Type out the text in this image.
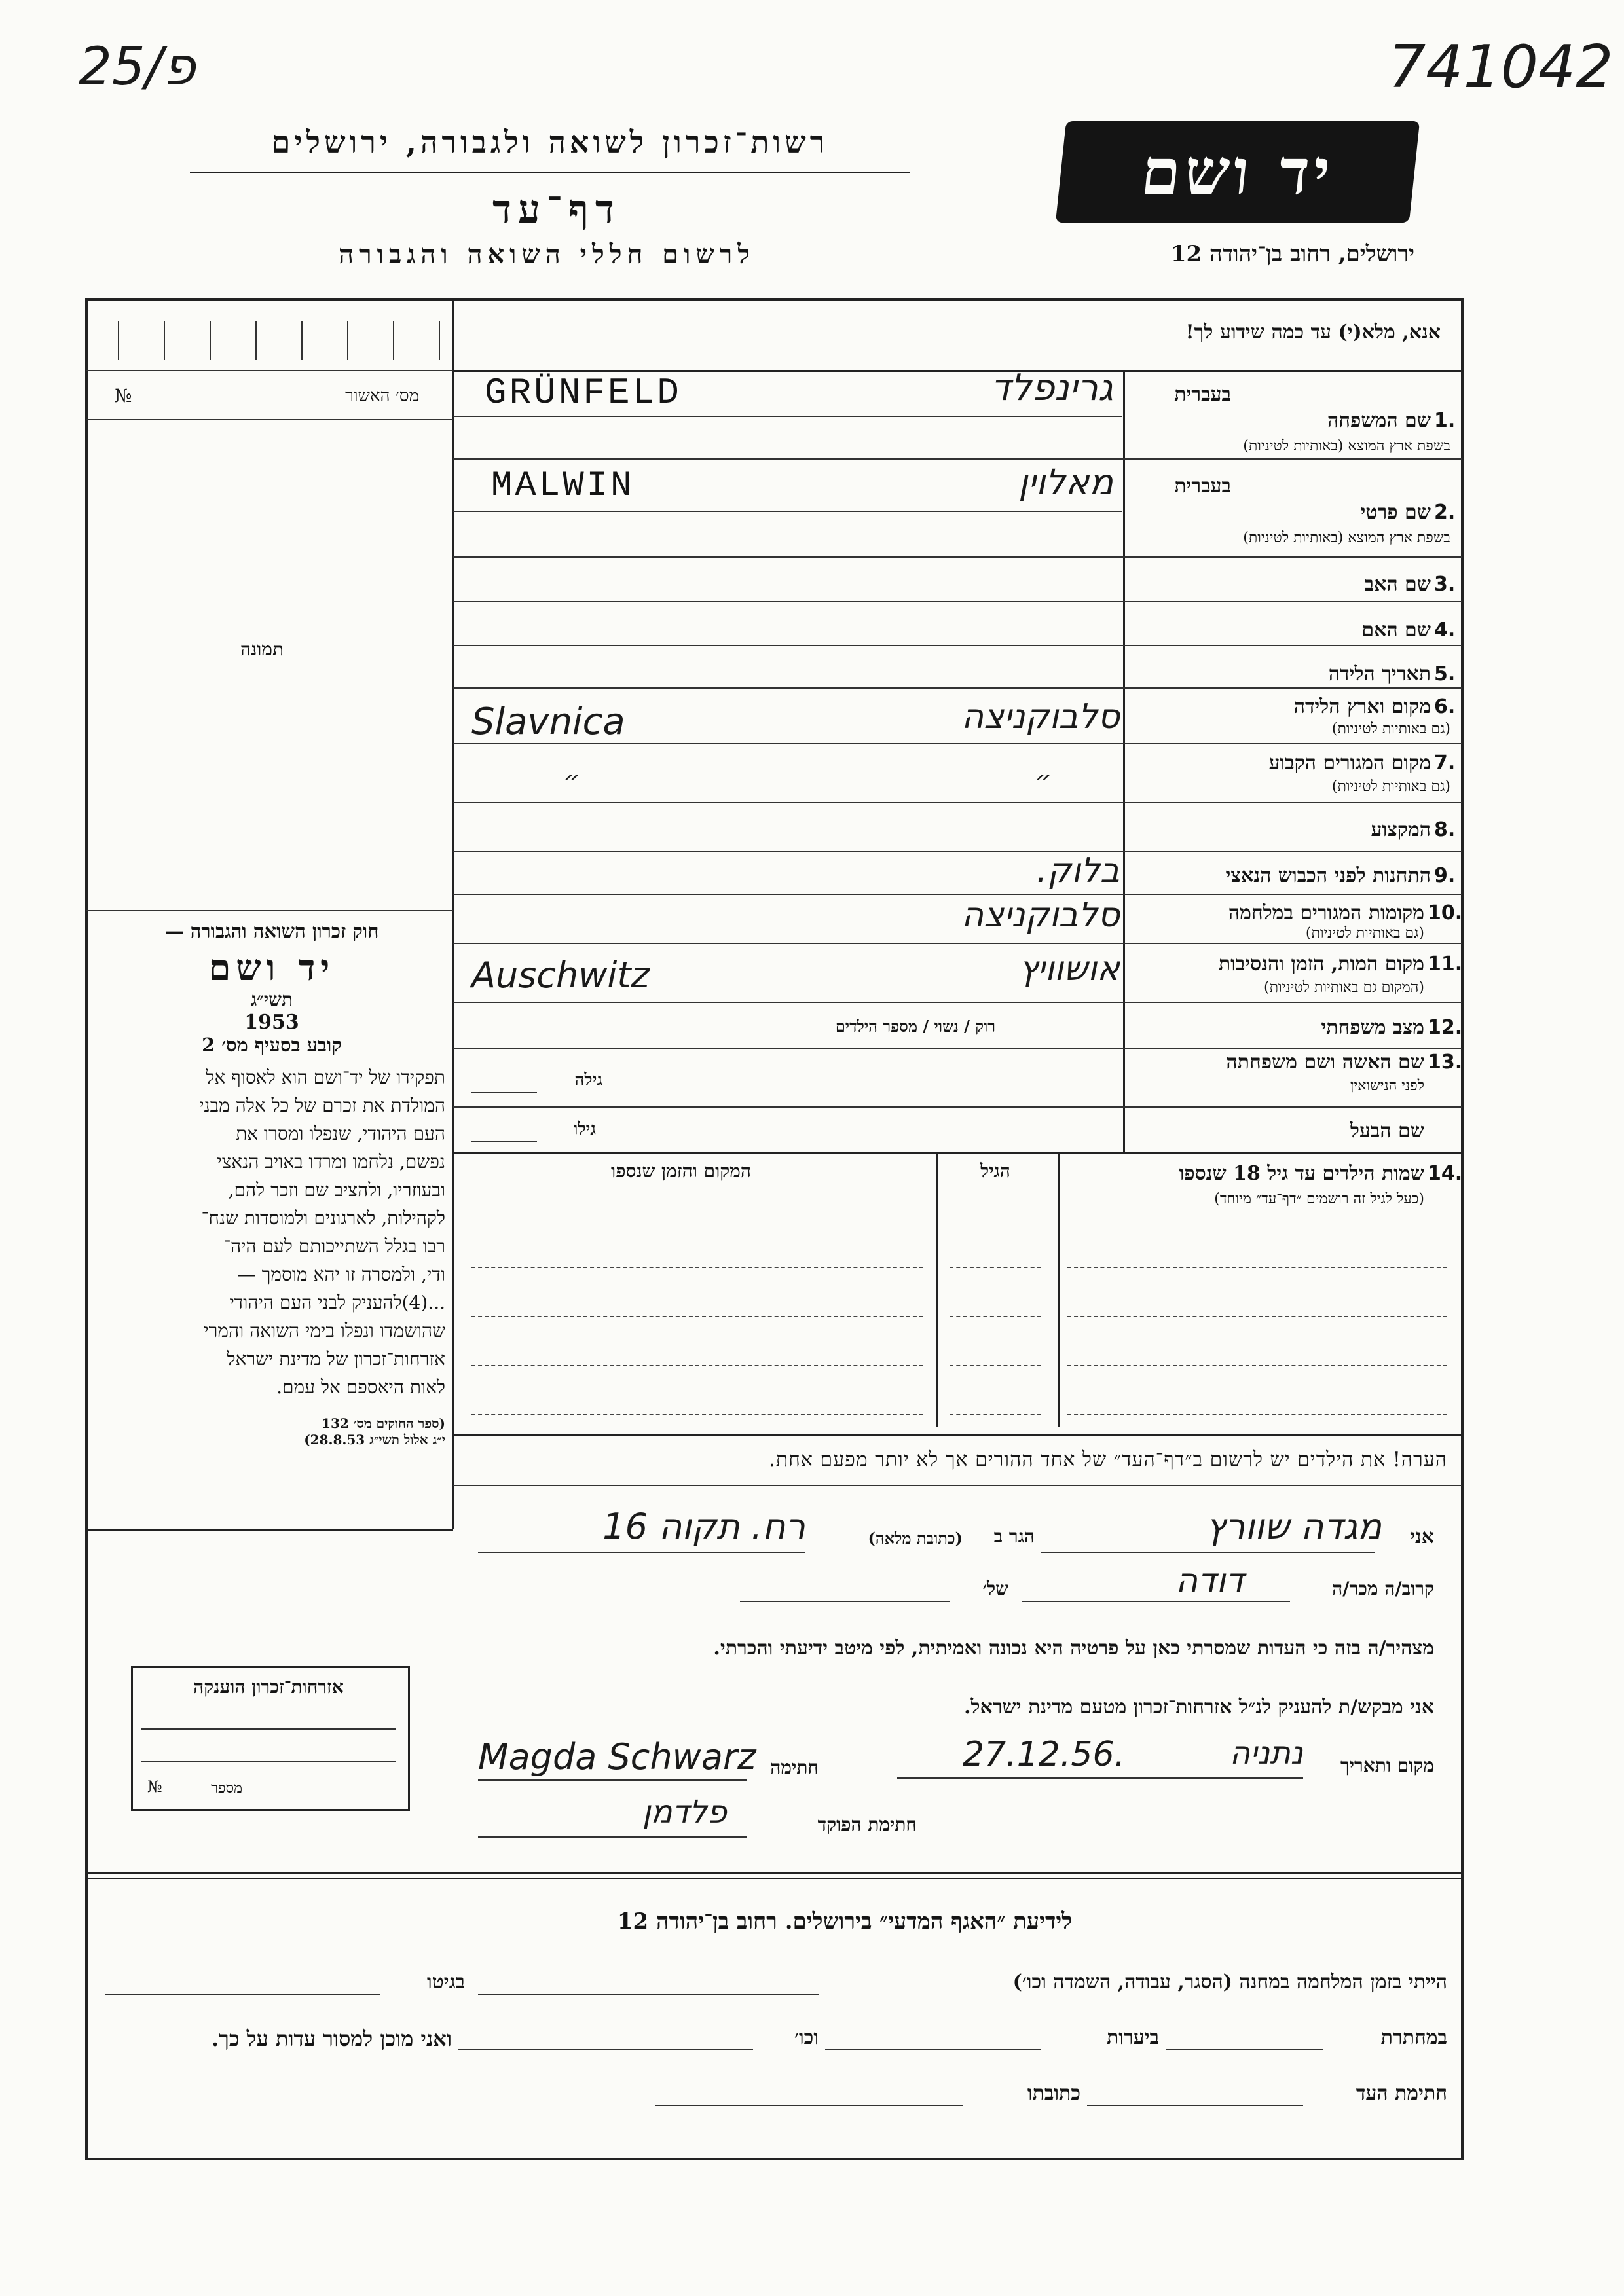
25/פ	741042
רשות־זכרון לשואה ולגבורה, ירושלים
דף־עד
לרשום חללי השואה והגבורה
יד ושם
ירושלים, רחוב בן־יהודה 12
מס׳ האשור
№
תמונה
חוק זכרון השואה והגבורה —
יד ושם
תשי״ג
1953
קובע בסעיף מס׳ 2
תפקידו של יד־ושם הוא לאסוף אל
המולדת את זכרם של כל אלה מבני
העם היהודי, שנפלו ומסרו את
נפשם, נלחמו ומרדו באויב הנאצי
ובעוזריו, ולהציב שם וזכר להם,
לקהילות, לארגונים ולמוסדות שנח־
רבו בגלל השתייכותם לעם היה־
ודי, ולמסרה זו יהא מוסמך —
...(4)להעניק לבני העם היהודי
שהושמדו ונפלו בימי השואה והמרי
אזרחות־זכרון של מדינת ישראל
לאות היאספם אל עמם.
(ספר החוקים מס׳ 132
י״ג אלול תשי״ג 28.8.53)
אזרחות־זכרון הוענקה
מספר
№
אנא, מלא(י) עד כמה שידוע לך!
בעברית
1.
שם המשפחה
בשפת ארץ המוצא (באותיות לטיניות)
גרינפלד
GRÜNFELD
בעברית
2.
שם פרטי
בשפת ארץ המוצא (באותיות לטיניות)
מאלוין
MALWIN
3.
שם האב
4.
שם האם
5.
תאריך הלידה
6.
מקום וארץ הלידה
(גם באותיות לטיניות)
סלבוקניצה
Slavnica
7.
מקום המגורים הקבוע
(גם באותיות לטיניות)
״	״
8.
המקצוע
9.
התחנות לפני הכבוש הנאצי
בלוק.
10.
מקומות המגורים במלחמה
(גם באותיות לטיניות)
סלבוקניצה
11.
מקום המות, הזמן והנסיבות
(המקום גם באותיות לטיניות)
אושוויץ
Auschwitz
12.
מצב משפחתי
רוק / נשוי / מספר הילדים
13.
שם האשה ושם משפחתה
לפני הנישואין
גילה
שם הבעל
גילו
14.
שמות הילדים עד גיל 18 שנספו
(כעל לגיל זה רושמים ״דף־עד״ מיוחד)
הגיל
המקום והזמן שנספו
הערה! את הילדים יש לרשום ב״דף־העד״ של אחד ההורים אך לא יותר מפעם אחת.
אני
מגדה שוורץ
הגר ב
(כתובת מלאה)
רח. תקוה 16
קרוב/ה מכר/ה
דודה
של׳
מצהיר/ה בזה כי העדות שמסרתי כאן על פרטיה היא נכונה ואמיתית, לפי מיטב ידיעתי והכרתי.
אני מבקש/ת להעניק לנ״ל אזרחות־זכרון מטעם מדינת ישראל.
מקום ותאריך
נתניה
27.12.56.
חתימה
Magda Schwarz
חתימת הפוקד
פלדמן
לידיעת ״האגף המדעי״ בירושלים. רחוב בן־יהודה 12
הייתי בזמן המלחמה במחנה (הסגר, עבודה, השמדה וכו׳)
בגיטו
במחתרת
ביערות
וכו׳
ואני מוכן למסור עדות על כך.
חתימת העד
כתובתו
